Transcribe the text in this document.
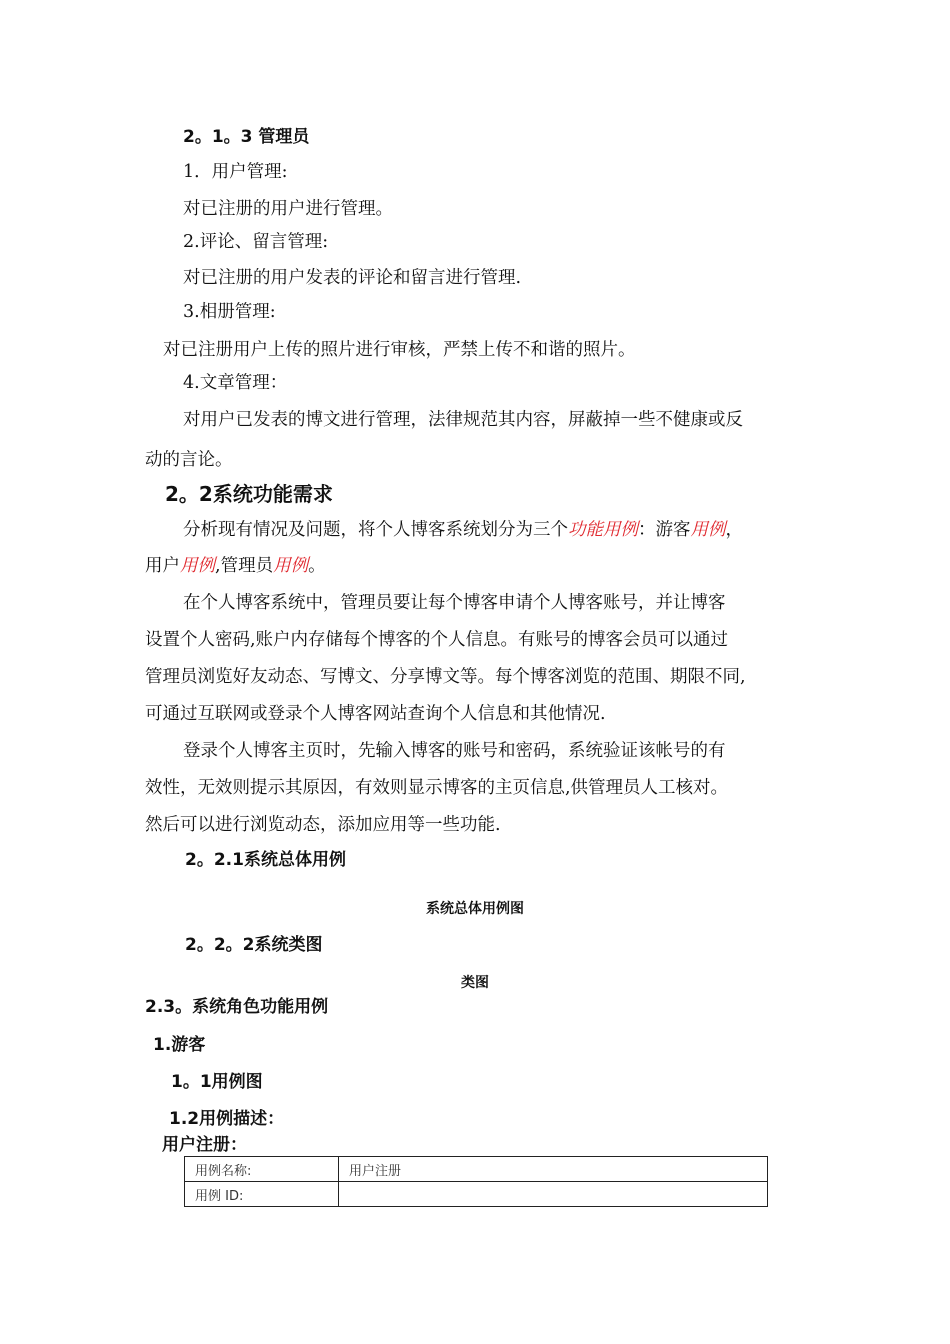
2。1。3 管理员
1．用户管理:
对已注册的用户进行管理。
2.评论、留言管理:
对已注册的用户发表的评论和留言进行管理.
3.相册管理:
对已注册用户上传的照片进行审核，严禁上传不和谐的照片。
4.文章管理：
对用户已发表的博文进行管理，法律规范其内容，屏蔽掉一些不健康或反
动的言论。
2。2系统功能需求
分析现有情况及问题，将个人博客系统划分为三个功能用例：游客用例，
用户用例,管理员用例。
在个人博客系统中，管理员要让每个博客申请个人博客账号，并让博客
设置个人密码,账户内存储每个博客的个人信息。有账号的博客会员可以通过
管理员浏览好友动态、写博文、分享博文等。每个博客浏览的范围、期限不同,
可通过互联网或登录个人博客网站查询个人信息和其他情况.
登录个人博客主页时，先输入博客的账号和密码，系统验证该帐号的有
效性，无效则提示其原因，有效则显示博客的主页信息,供管理员人工核对。
然后可以进行浏览动态，添加应用等一些功能.
2。2.1系统总体用例
系统总体用例图
2。2。2系统类图
类图
2.3。系统角色功能用例
1.游客
1。1用例图
1.2用例描述：
用户注册：
用例名称:	用户注册
用例 ID:	
